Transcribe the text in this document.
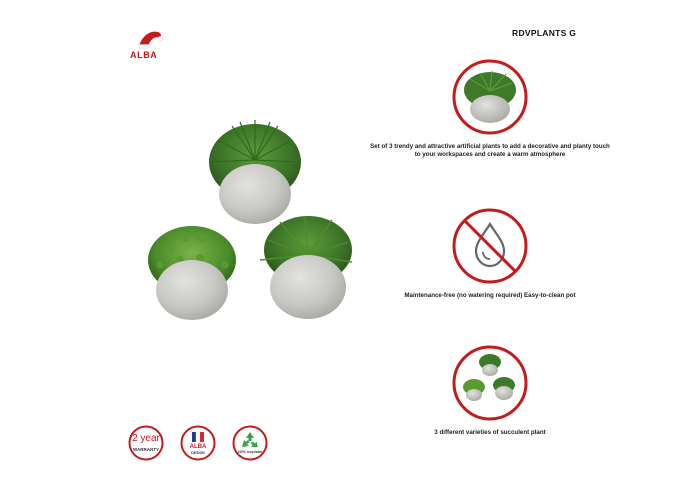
ALBA
RDVPLANTS G
Set of 3 trendy and attractive artificial plants to add a decorative and planty touch to your workspaces and create a warm atmosphere
Maintenance-free (no watering required) Easy-to-clean pot
3 different varieties of succulent plant
2 year
WARRANTY	ALBA
DESIGN	100% recyclable
